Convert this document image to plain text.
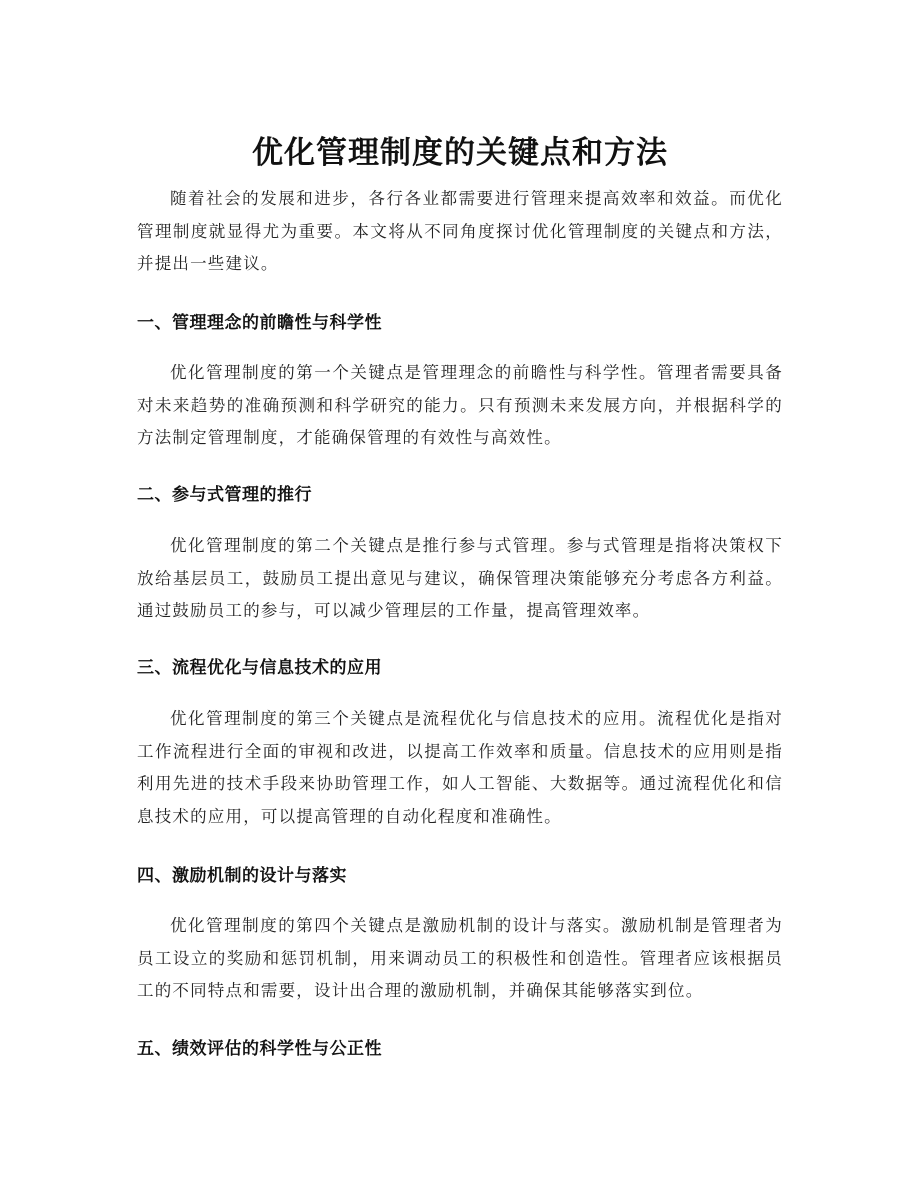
优化管理制度的关键点和方法

随着社会的发展和进步，各行各业都需要进行管理来提高效率和效益。而优化管理制度就显得尤为重要。本文将从不同角度探讨优化管理制度的关键点和方法，并提出一些建议。

一、管理理念的前瞻性与科学性

优化管理制度的第一个关键点是管理理念的前瞻性与科学性。管理者需要具备对未来趋势的准确预测和科学研究的能力。只有预测未来发展方向，并根据科学的方法制定管理制度，才能确保管理的有效性与高效性。

二、参与式管理的推行

优化管理制度的第二个关键点是推行参与式管理。参与式管理是指将决策权下放给基层员工，鼓励员工提出意见与建议，确保管理决策能够充分考虑各方利益。通过鼓励员工的参与，可以减少管理层的工作量，提高管理效率。

三、流程优化与信息技术的应用

优化管理制度的第三个关键点是流程优化与信息技术的应用。流程优化是指对工作流程进行全面的审视和改进，以提高工作效率和质量。信息技术的应用则是指利用先进的技术手段来协助管理工作，如人工智能、大数据等。通过流程优化和信息技术的应用，可以提高管理的自动化程度和准确性。

四、激励机制的设计与落实

优化管理制度的第四个关键点是激励机制的设计与落实。激励机制是管理者为员工设立的奖励和惩罚机制，用来调动员工的积极性和创造性。管理者应该根据员工的不同特点和需要，设计出合理的激励机制，并确保其能够落实到位。

五、绩效评估的科学性与公正性
